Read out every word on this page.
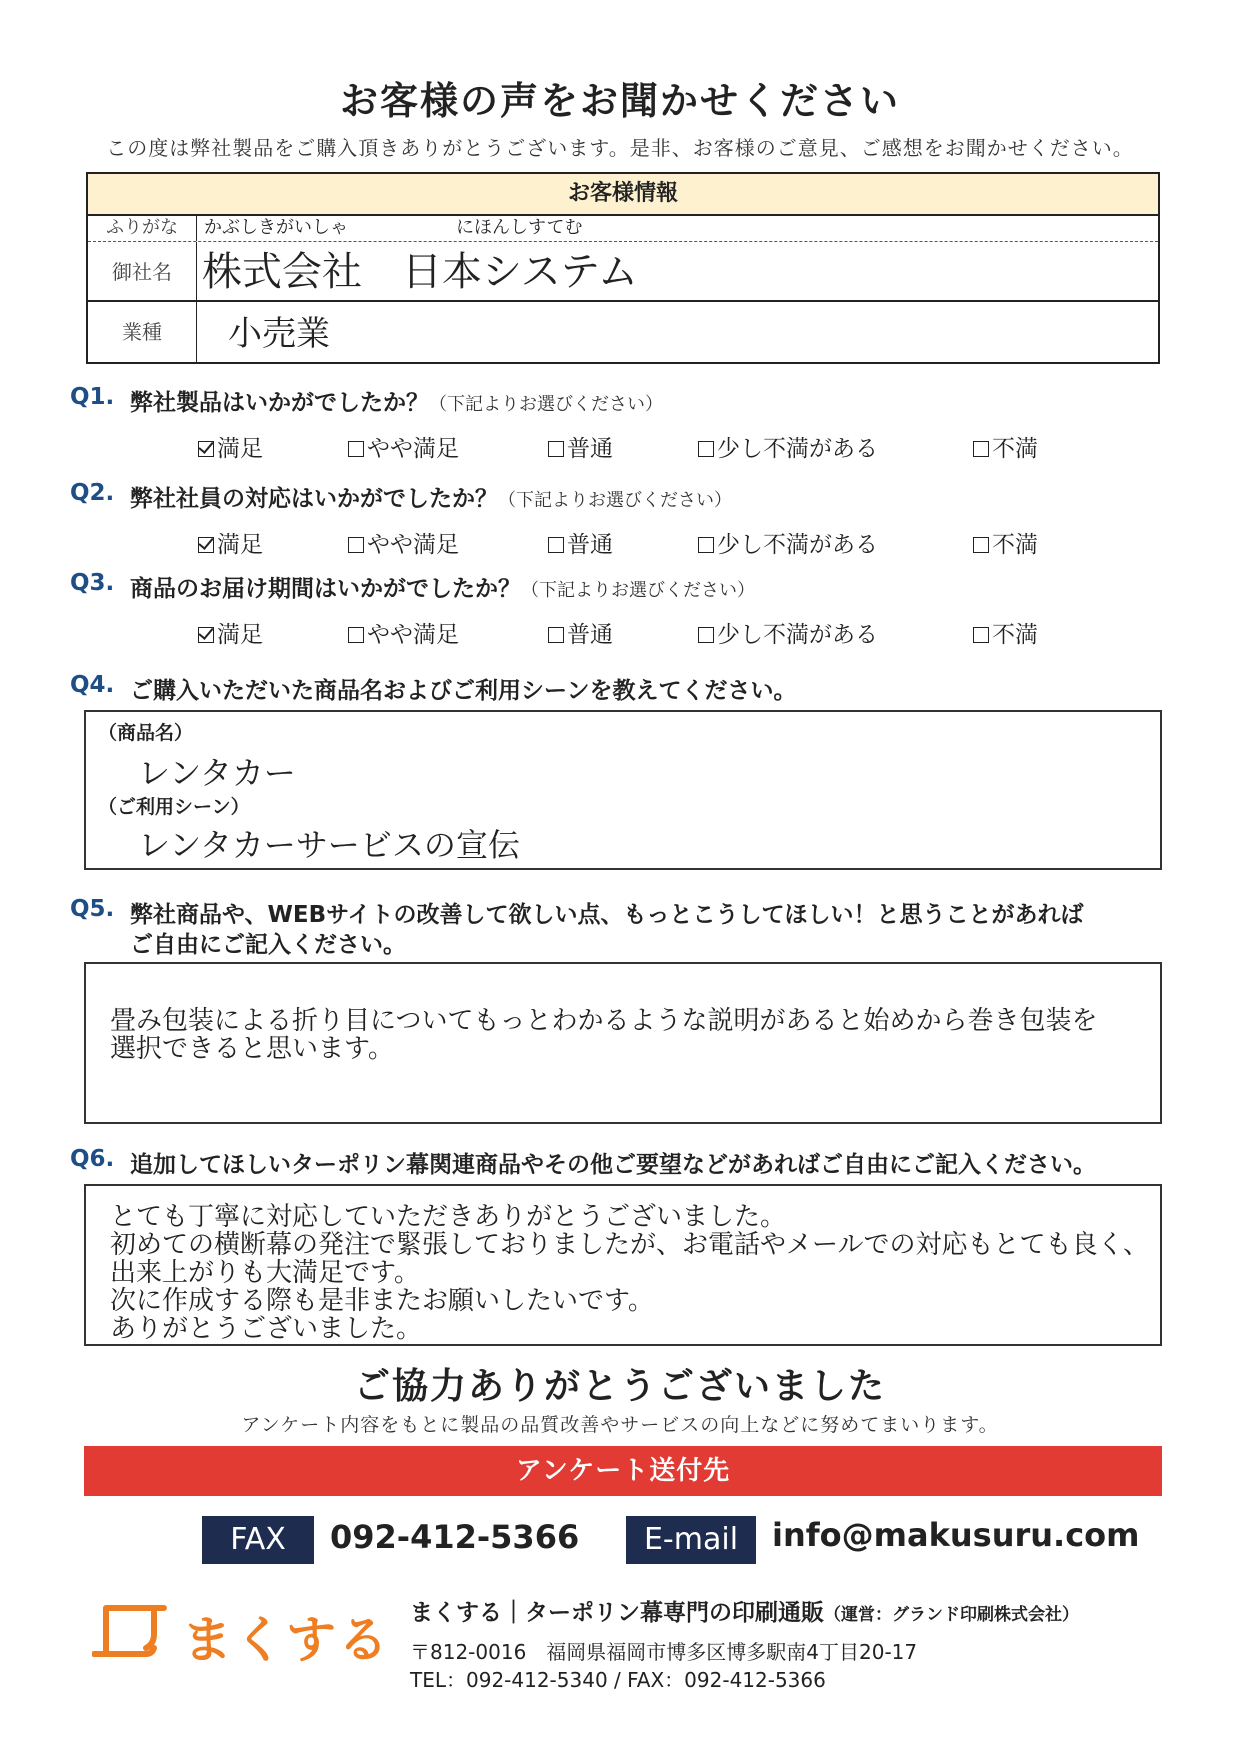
お客様の声をお聞かせください
この度は弊社製品をご購入頂きありがとうございます。是非、お客様のご意見、ご感想をお聞かせください。
お客様情報
ふりがな	かぶしきがいしゃ	にほんしすてむ
御社名 株式会社　日本システム
業種	小売業
Q1. 弊社製品はいかがでしたか？（下記よりお選びください）
満足	やや満足	普通	少し不満がある	不満
Q2. 弊社社員の対応はいかがでしたか？（下記よりお選びください）
満足	やや満足	普通	少し不満がある	不満
Q3. 商品のお届け期間はいかがでしたか？（下記よりお選びください）
満足	やや満足	普通	少し不満がある	不満
Q4. ご購入いただいた商品名およびご利用シーンを教えてください。
（商品名）
レンタカー
（ご利用シーン）
レンタカーサービスの宣伝
Q5. 弊社商品や、WEBサイトの改善して欲しい点、もっとこうしてほしい！と思うことがあれば
ご自由にご記入ください。
畳み包装による折り目についてもっとわかるような説明があると始めから巻き包装を
選択できると思います。
Q6. 追加してほしいターポリン幕関連商品やその他ご要望などがあればご自由にご記入ください。
とても丁寧に対応していただきありがとうございました。
初めての横断幕の発注で緊張しておりましたが、お電話やメールでの対応もとても良く、
出来上がりも大満足です。
次に作成する際も是非またお願いしたいです。
ありがとうございました。
ご協力ありがとうございました
アンケート内容をもとに製品の品質改善やサービスの向上などに努めてまいります。
アンケート送付先
FAX	092-412-5366	E-mail	info@makusuru.com
まくする まくする｜ターポリン幕専門の印刷通販（運営：グランド印刷株式会社）
〒812-0016　福岡県福岡市博多区博多駅南4丁目20-17
TEL：092-412-5340 / FAX：092-412-5366
